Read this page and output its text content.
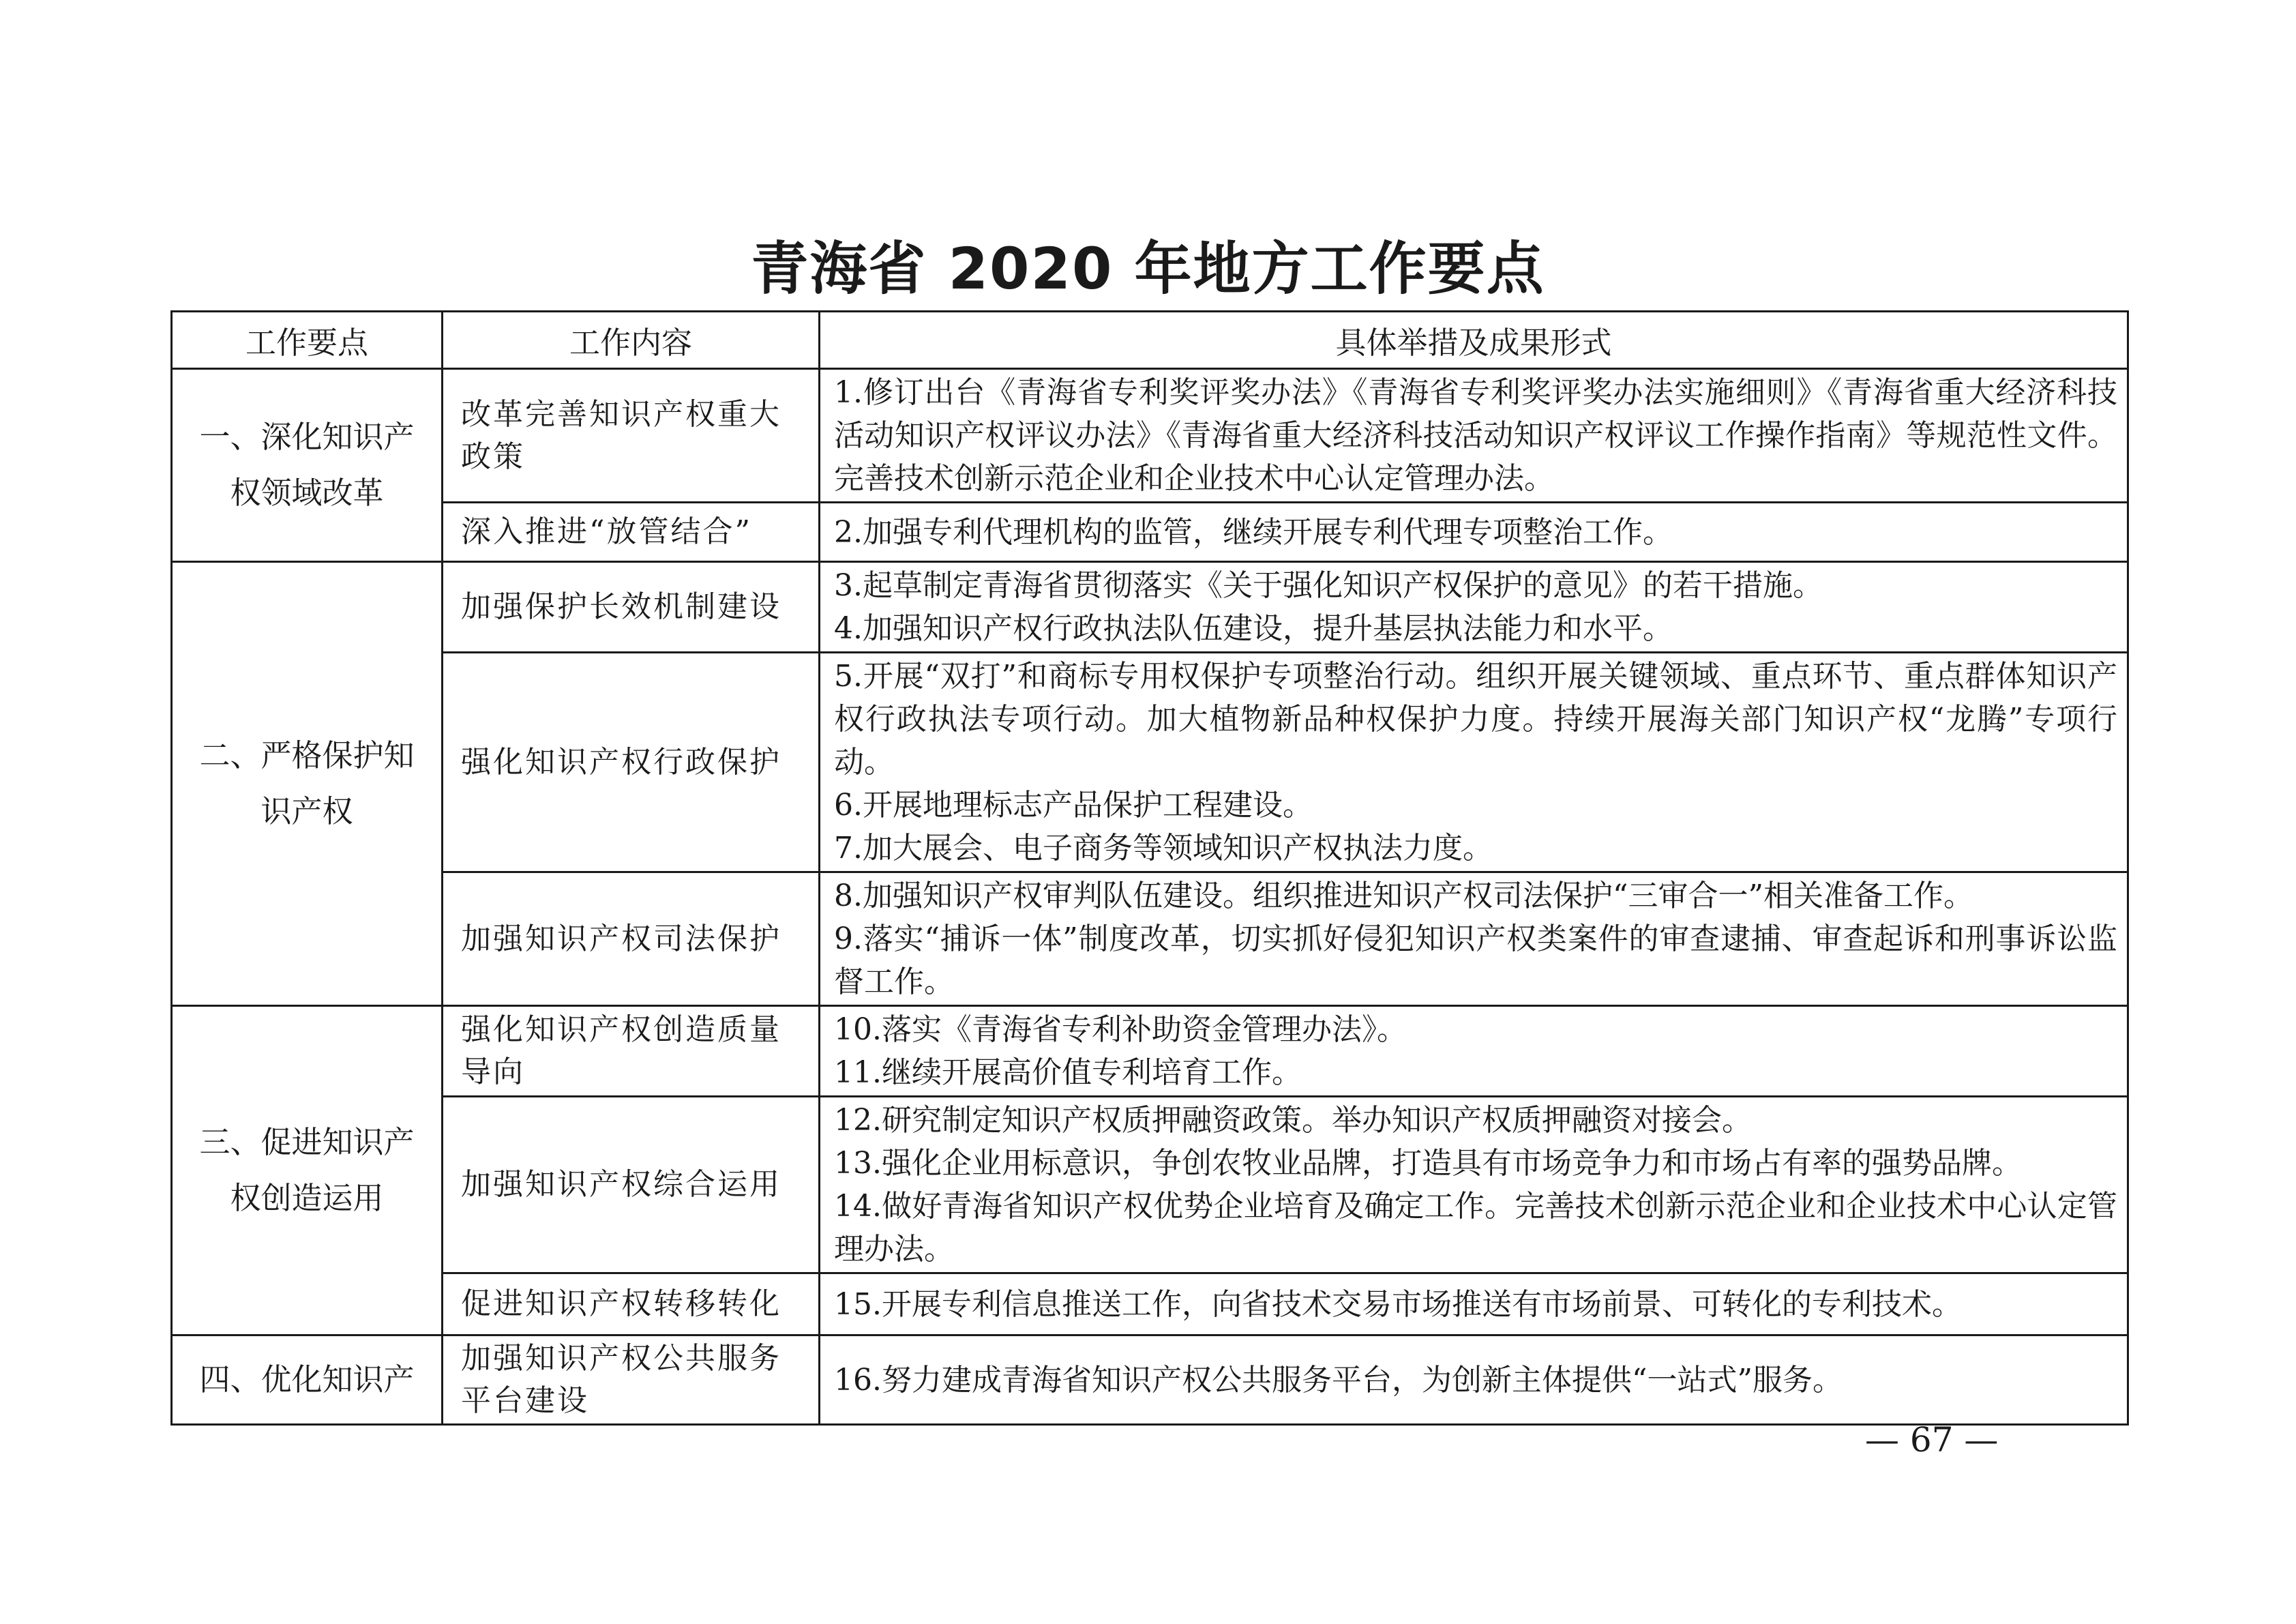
青海省 2020 年地方工作要点
工作要点	工作内容	具体举措及成果形式
一、深化知识产权领域改革	改革完善知识产权重大政策	1.修订出台《青海省专利奖评奖办法》《青海省专利奖评奖办法实施细则》《青海省重大经济科技活动知识产权评议办法》《青海省重大经济科技活动知识产权评议工作操作指南》等规范性文件。完善技术创新示范企业和企业技术中心认定管理办法。

	深入推进“放管结合”	2.加强专利代理机构的监管，继续开展专利代理专项整治工作。

二、严格保护知识产权	加强保护长效机制建设	3.起草制定青海省贯彻落实《关于强化知识产权保护的意见》的若干措施。
4.加强知识产权行政执法队伍建设，提升基层执法能力和水平。

	强化知识产权行政保护	5.开展“双打”和商标专用权保护专项整治行动。组织开展关键领域、重点环节、重点群体知识产权行政执法专项行动。加大植物新品种权保护力度。持续开展海关部门知识产权“龙腾”专项行动。
6.开展地理标志产品保护工程建设。
7.加大展会、电子商务等领域知识产权执法力度。

	加强知识产权司法保护	8.加强知识产权审判队伍建设。组织推进知识产权司法保护“三审合一”相关准备工作。
9.落实“捕诉一体”制度改革，切实抓好侵犯知识产权类案件的审查逮捕、审查起诉和刑事诉讼监督工作。

三、促进知识产权创造运用	强化知识产权创造质量导向	10.落实《青海省专利补助资金管理办法》。
11.继续开展高价值专利培育工作。

	加强知识产权综合运用	12.研究制定知识产权质押融资政策。举办知识产权质押融资对接会。
13.强化企业用标意识，争创农牧业品牌，打造具有市场竞争力和市场占有率的强势品牌。
14.做好青海省知识产权优势企业培育及确定工作。完善技术创新示范企业和企业技术中心认定管理办法。

	促进知识产权转移转化	15.开展专利信息推送工作，向省技术交易市场推送有市场前景、可转化的专利技术。

四、优化知识产	加强知识产权公共服务平台建设	16.努力建成青海省知识产权公共服务平台，为创新主体提供“一站式”服务。
— 67 —
